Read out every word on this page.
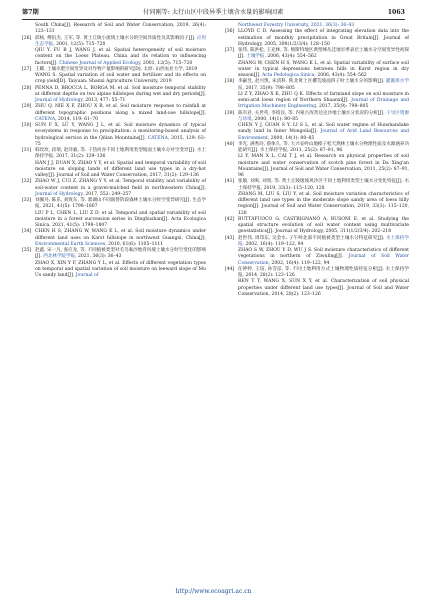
第7期	付同刚等: 太行山区中段异季土壤含水量的影响因素	1063

South China[J]. Research of Soil and Water Conservation, 2019, 26(4): 123–131

[26] 邱杨, 傅伯杰, 王军, 等. 黄土丘陵小流域土壤水分的空间异质性及其影响因子[J]. 应用生态学报, 2001, 12(5): 715–720
QIU Y, FU B J, WANG J, et al. Spatial heterogeneity of soil moisture content on the Loess Plateau, China and its relation to influencing factors[J]. Chinese Journal of Applied Ecology, 2001, 12(5): 715–720
[27] 王耀. 土壤水肥空间变异及对作物产量影响的研究[D]. 太原: 山西农业大学, 2019
WANG S. Spatial variation of soil water and fertilizer and its effects on crop yield[D]. Taiyuan: Shanxi Agriculture University, 2019
[28] PENNA D, BROCCA L, BORGA M, et al. Soil moisture temporal stability at different depths on two alpine hillslopes during wet and dry periods[J]. Journal of Hydrology, 2013, 477: 55–71
[29] ZHU Q, NIE X F, ZHOU X B, et al. Soil moisture response to rainfall at different topographic positions along a mixed land-use hillslope[J]. CATENA, 2014, 119: 61–70
[30] SUN F X, LÜ Y, WANG J L, et al. Soil moisture dynamics of typical ecosystems in response to precipitation: a monitoring-based analysis of hydrological service in the Qilian Mountains[J]. CATENA, 2015, 129: 63–75
[31] 韩玫玫, 段瑞, 赵洋毅, 等. 干热河谷不同土地利用类型坡面土壤水分对空变异[J]. 水土保持学报, 2017, 31(2): 129–136
HAN J J, DUAN X, ZHAO Y Y, et al. Spatial and temporal variability of soil moisture on sloping lands of different land use types in a dry-hot valley[J]. Journal of Soil and Water Conservation, 2017, 31(2): 129–136
[32] ZHAO W J, CUI Z, ZHANG Y Y, et al. Temporal stability and variability of soil-water content in a gravel-mulched field in northwestern China[J]. Journal of Hydrology, 2017, 552: 249–257
[33] 刘佩丹, 陈乐, 刘致东, 等. 鼎湖山不同演替阶段森林土壤水分时空变异研究[J]. 生态学报, 2021, 41(5): 1798–1807
LIU P L, CHEN L, LIU Z D, et al. Temporal and spatial variability of soil moisture in a forest succession series in Dinghushan[J]. Acta Ecologica Sinica, 2021, 41(5): 1798–1807
[34] CHEN H S, ZHANG W, WANG K L, et al. Soil moisture dynamics under different land uses on Karst hillslope in northwest Guangxi, China[J]. Environmental Earth Sciences, 2010, 61(6): 1105–1111
[35] 赵鑫, 宋一凡, 张应龙, 等. 不同植被类型对毛乌素沙地背风坡土壤水分时空变化的影响[J]. 西北林学院学报, 2021, 36(3): 36–43
ZHAO X, XIN Y F, ZHANG Y L, et al. Effects of different vegetation types on temporal and spatial variation of soil moisture on leeward slope of Mu Us sandy land[J]. Journal of

Northwest Forestry University, 2021, 36(3): 36–43

[36] LLOYD C D. Assessing the effect of integrating elevation data into the estimation of monthly precipitation in Great Britain[J]. Journal of Hydrology, 2005, 308(1/2/3/4): 128–150
[37] 张伟, 陈洪松, 王克林, 等. 喀斯特地区典型峰丛洼地旱季表层土壤水分空间变异性初探[J]. 土壤学报, 2006, 43(4): 554–562
ZHANG W, CHEN H S, WANG K L, et al. Spatial variability of surface soil water in typical depressions between hills in Karst region in dry season[J]. Acta Pedologica Sinica, 2006, 43(4): 554–562
[38] 李嗣昱, 赵兴凯, 朱清科. 陕北黄土区撂荒坡面四子时土壤水分的影响[J]. 灌溉排水学报, 2017, 35(9): 798–805
LI Z Y, ZHAO X K, ZHU Q K. Effects of farmland slope on soil moisture in semi-arid loess region of Northern Shaanxi[J]. Journal of Drainage and Irrigation Machinery Engineering, 2017, 35(9): 798–805
[39] 陈有君, 关世英, 李绍良, 等. 内蒙古浑善达克沙地土壤水分状况的分析[J]. 干旱区资源与环境, 2000, 14(1): 80–85
CHEN Y J, GUAN S Y, LI S L, et al. Soil water regime of Hunshandake sandy land in Inner Mongolia[J]. Journal of Arid Land Resources and Environment, 2000, 14(1): 80–85
[40] 李光, 满秀玲, 蔡体久, 等. 大兴安岭山地樟子松天然林土壤水分物理性质及水源涵养功能研究[J]. 水土保持学报, 2011, 25(2): 87–91, 96
LI Y, MAN X L, CAI T J, et al. Research on physical properties of soil moisture and water conservation of scotch pine forest in Da Xing'an Mountains[J]. Journal of Soil and Water Conservation, 2011, 25(2): 87–91, 96
[41] 张敏, 刘爽, 刘勇, 等. 黄土丘陵缓坡风沙区不同土地利用类型土壤水分变化特征[J]. 水土保持学报, 2019, 33(3): 115–120, 128
ZHANG M, LIU S, LIU Y, et al. Soil moisture variation characteristics of different land use types in the moderate slope sandy area of loess hilly region[J]. Journal of Soil and Water Conservation, 2019, 33(3): 115–120, 128
[42] BUTTAFUOCO G, CASTRIGNANÒ A, BUSONI E, et al. Studying the spatial structure evolution of soil water content using multivariate geostatistics[J]. Journal of Hydrology, 2005, 311(1/2/3/4): 202–218
[43] 赵世伟, 周印东, 吴金水. 子午岭北部不同植被类型土壤水分特征研究[J]. 水土保持学报, 2002, 16(4): 119–122, 94
ZHAO S W, ZHOU Y D, WU J S. Soil moisture characteristics of different vegetations in northern of Ziwuling[J]. Journal of Soil Water Conservation, 2002, 16(4): 119–122, 94
[44] 任婷婷, 王瑄, 孙雪彦, 等. 不同土地利用方式土壤物理性质特征分析[J]. 水土保持学报, 2014, 28(2): 123–126
REN T T, WANG X, SUN X Y, et al. Characterization of soil physical properties under different land use types[J]. Journal of Soil and Water Conservation, 2014, 28(2): 123–126
http://www.ecoagri.ac.cn
